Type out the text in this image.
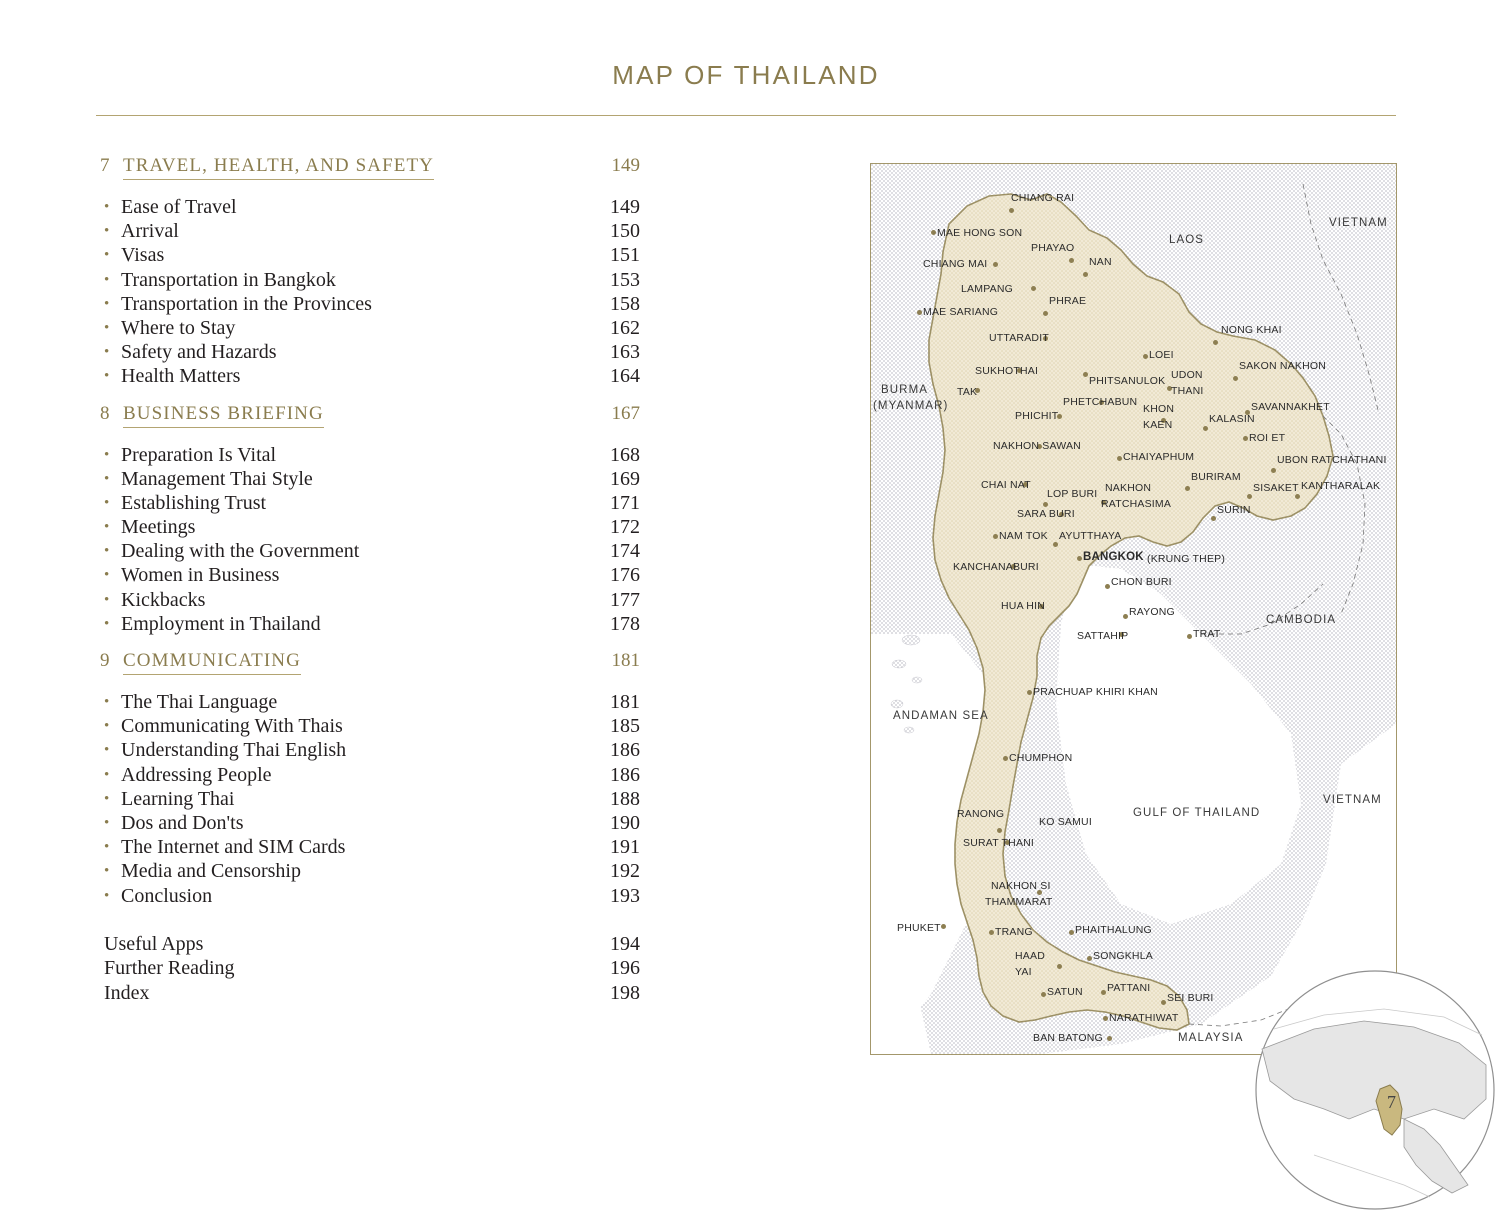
MAP OF THAILAND
7 TRAVEL, HEALTH, AND SAFETY	149
• Ease of Travel	149
• Arrival	150
• Visas	151
• Transportation in Bangkok	153
• Transportation in the Provinces	158
• Where to Stay	162
• Safety and Hazards	163
• Health Matters	164
8 BUSINESS BRIEFING	167
• Preparation Is Vital	168
• Management Thai Style	169
• Establishing Trust	171
• Meetings	172
• Dealing with the Government	174
• Women in Business	176
• Kickbacks	177
• Employment in Thailand	178
9 COMMUNICATING	181
• The Thai Language	181
• Communicating With Thais	185
• Understanding Thai English	186
• Addressing People	186
• Learning Thai	188
• Dos and Don'ts	190
• The Internet and SIM Cards	191
• Media and Censorship	192
• Conclusion	193
Useful Apps	194
Further Reading	196
Index	198
LAOS
VIETNAM
BURMA
(MYANMAR)
CAMBODIA
VIETNAM
MALAYSIA
ANDAMAN SEA
GULF OF THAILAND
CHIANG RAI
MAE HONG SON
PHAYAO
CHIANG MAI	NAN
LAMPANG
PHRAE
MAE SARIANG
UTTARADIT
NONG KHAI
LOEI
SAKON NAKHON
SUKHOTHAI
PHITSANULOK UDON
THANI
TAK
PHETCHABUN	SAVANNAKHET
PHICHIT
KHON
KAEN	KALASIN
ROI ET
NAKHON SAWAN
CHAIYAPHUM	UBON RATCHATHANI
CHAI NAT
BURIRAM
LOP BURI NAKHON
RATCHASIMA
SISAKET KANTHARALAK
SARA BURI	SURIN
NAM TOK AYUTTHAYA
BANGKOK (KRUNG THEP)
KANCHANABURI
CHON BURI
HUA HIN	RAYONG
TRAT
SATTAHIP
PRACHUAP KHIRI KHAN
CHUMPHON
KO SAMUI
RANONG
SURAT THANI
NAKHON SI
THAMMARAT
PHUKET	TRANG	PHAITHALUNG
SONGKHLA
HAAD
YAI
SATUN PATTANI
SEI BURI
NARATHIWAT
BAN BATONG
7
